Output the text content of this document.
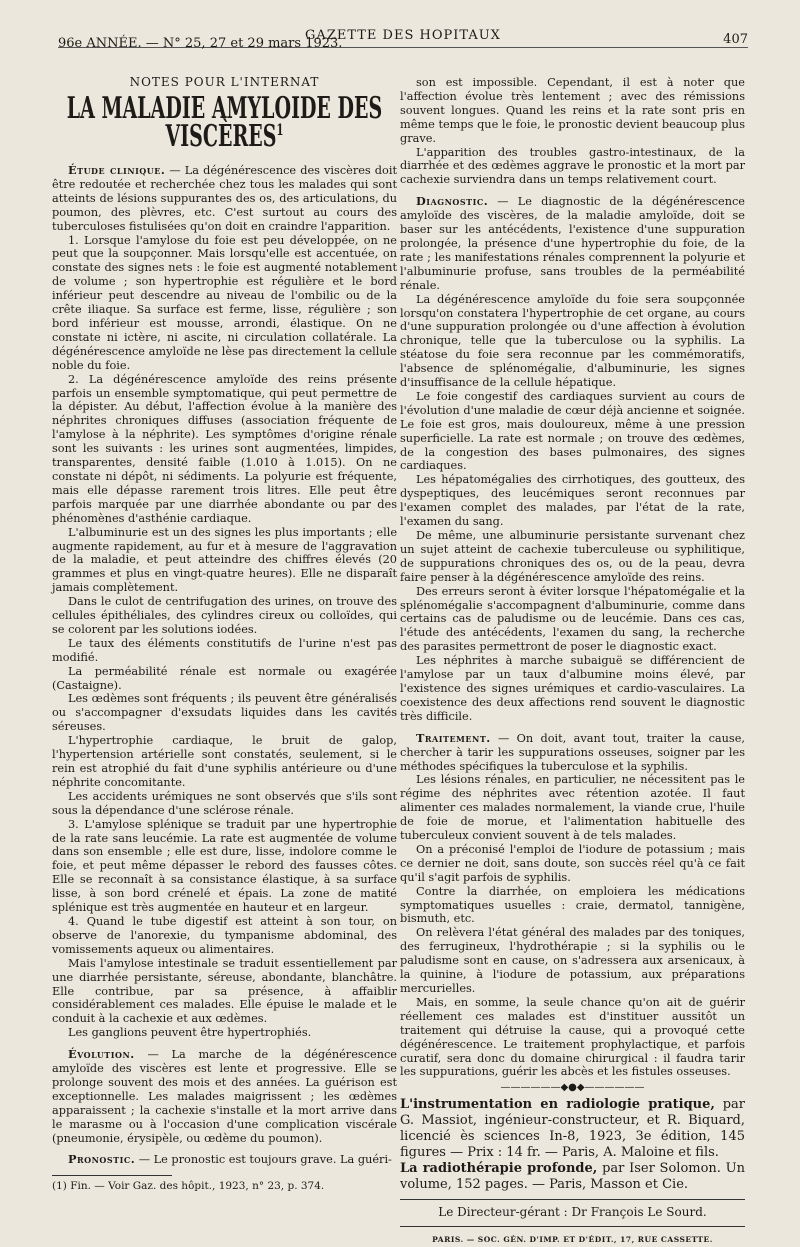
96e ANNÉE. — N° 25, 27 et 29 mars 1923.
GAZETTE DES HOPITAUX	407
NOTES POUR L'INTERNAT
LA MALADIE AMYLOIDE DES VISCÈRES$^1$

Étude clinique. — La dégénérescence des viscères doit être redoutée et recherchée chez tous les malades qui sont atteints de lésions suppurantes des os, des articulations, du poumon, des plèvres, etc. C'est surtout au cours des tuberculoses fistulisées qu'on doit en craindre l'apparition.

1. Lorsque l'amylose du foie est peu développée, on ne peut que la soupçonner. Mais lorsqu'elle est accentuée, on constate des signes nets : le foie est augmenté notablement de volume ; son hypertrophie est régulière et le bord inférieur peut descendre au niveau de l'ombilic ou de la crête iliaque. Sa surface est ferme, lisse, régulière ; son bord inférieur est mousse, arrondi, élastique. On ne constate ni ictère, ni ascite, ni circulation collatérale. La dégénérescence amyloïde ne lèse pas directement la cellule noble du foie.

2. La dégénérescence amyloïde des reins présente parfois un ensemble symptomatique, qui peut permettre de la dépister. Au début, l'affection évolue à la manière des néphrites chroniques diffuses (association fréquente de l'amylose à la néphrite). Les symptômes d'origine rénale sont les suivants : les urines sont augmentées, limpides, transparentes, densité faible (1.010 à 1.015). On ne constate ni dépôt, ni sédiments. La polyurie est fréquente, mais elle dépasse rarement trois litres. Elle peut être parfois marquée par une diarrhée abondante ou par des phénomènes d'asthénie cardiaque.

L'albuminurie est un des signes les plus importants ; elle augmente rapidement, au fur et à mesure de l'aggravation de la maladie, et peut atteindre des chiffres élevés (20 grammes et plus en vingt-quatre heures). Elle ne disparaît jamais complètement.

Dans le culot de centrifugation des urines, on trouve des cellules épithéliales, des cylindres cireux ou colloïdes, qui se colorent par les solutions iodées.

Le taux des éléments constitutifs de l'urine n'est pas modifié.

La perméabilité rénale est normale ou exagérée (Castaigne).

Les œdèmes sont fréquents ; ils peuvent être généralisés ou s'accompagner d'exsudats liquides dans les cavités séreuses.

L'hypertrophie cardiaque, le bruit de galop, l'hypertension artérielle sont constatés, seulement, si le rein est atrophié du fait d'une syphilis antérieure ou d'une néphrite concomitante.

Les accidents urémiques ne sont observés que s'ils sont sous la dépendance d'une sclérose rénale.

3. L'amylose splénique se traduit par une hypertrophie de la rate sans leucémie. La rate est augmentée de volume dans son ensemble ; elle est dure, lisse, indolore comme le foie, et peut même dépasser le rebord des fausses côtes. Elle se reconnaît à sa consistance élastique, à sa surface lisse, à son bord crénelé et épais. La zone de matité splénique est très augmentée en hauteur et en largeur.

4. Quand le tube digestif est atteint à son tour, on observe de l'anorexie, du tympanisme abdominal, des vomissements aqueux ou alimentaires.

Mais l'amylose intestinale se traduit essentiellement par une diarrhée persistante, séreuse, abondante, blanchâtre. Elle contribue, par sa présence, à affaiblir considérablement ces malades. Elle épuise le malade et le conduit à la cachexie et aux œdèmes.

Les ganglions peuvent être hypertrophiés.

Évolution. — La marche de la dégénérescence amyloïde des viscères est lente et progressive. Elle se prolonge souvent des mois et des années. La guérison est exceptionnelle. Les malades maigrissent ; les œdèmes apparaissent ; la cachexie s'installe et la mort arrive dans le marasme ou à l'occasion d'une complication viscérale (pneumonie, érysipèle, ou œdème du poumon).

Pronostic. — Le pronostic est toujours grave. La guéri-

(1) Fin. — Voir Gaz. des hôpit., 1923, n° 23, p. 374.

son est impossible. Cependant, il est à noter que l'affection évolue très lentement ; avec des rémissions souvent longues. Quand les reins et la rate sont pris en même temps que le foie, le pronostic devient beaucoup plus grave.

L'apparition des troubles gastro-intestinaux, de la diarrhée et des œdèmes aggrave le pronostic et la mort par cachexie surviendra dans un temps relativement court.

Diagnostic. — Le diagnostic de la dégénérescence amyloïde des viscères, de la maladie amyloïde, doit se baser sur les antécédents, l'existence d'une suppuration prolongée, la présence d'une hypertrophie du foie, de la rate ; les manifestations rénales comprennent la polyurie et l'albuminurie profuse, sans troubles de la perméabilité rénale.

La dégénérescence amyloïde du foie sera soupçonnée lorsqu'on constatera l'hypertrophie de cet organe, au cours d'une suppuration prolongée ou d'une affection à évolution chronique, telle que la tuberculose ou la syphilis. La stéatose du foie sera reconnue par les commémoratifs, l'absence de splénomégalie, d'albuminurie, les signes d'insuffisance de la cellule hépatique.

Le foie congestif des cardiaques survient au cours de l'évolution d'une maladie de cœur déjà ancienne et soignée. Le foie est gros, mais douloureux, même à une pression superficielle. La rate est normale ; on trouve des œdèmes, de la congestion des bases pulmonaires, des signes cardiaques.

Les hépatomégalies des cirrhotiques, des goutteux, des dyspeptiques, des leucémiques seront reconnues par l'examen complet des malades, par l'état de la rate, l'examen du sang.

De même, une albuminurie persistante survenant chez un sujet atteint de cachexie tuberculeuse ou syphilitique, de suppurations chroniques des os, ou de la peau, devra faire penser à la dégénérescence amyloïde des reins.

Des erreurs seront à éviter lorsque l'hépatomégalie et la splénomégalie s'accompagnent d'albuminurie, comme dans certains cas de paludisme ou de leucémie. Dans ces cas, l'étude des antécédents, l'examen du sang, la recherche des parasites permettront de poser le diagnostic exact.

Les néphrites à marche subaiguë se différencient de l'amylose par un taux d'albumine moins élevé, par l'existence des signes urémiques et cardio-vasculaires. La coexistence des deux affections rend souvent le diagnostic très difficile.

Traitement. — On doit, avant tout, traiter la cause, chercher à tarir les suppurations osseuses, soigner par les méthodes spécifiques la tuberculose et la syphilis.

Les lésions rénales, en particulier, ne nécessitent pas le régime des néphrites avec rétention azotée. Il faut alimenter ces malades normalement, la viande crue, l'huile de foie de morue, et l'alimentation habituelle des tuberculeux convient souvent à de tels malades.

On a préconisé l'emploi de l'iodure de potassium ; mais ce dernier ne doit, sans doute, son succès réel qu'à ce fait qu'il s'agit parfois de syphilis.

Contre la diarrhée, on emploiera les médications symptomatiques usuelles : craie, dermatol, tannigène, bismuth, etc.

On relèvera l'état général des malades par des toniques, des ferrugineux, l'hydrothérapie ; si la syphilis ou le paludisme sont en cause, on s'adressera aux arsenicaux, à la quinine, à l'iodure de potassium, aux préparations mercurielles.

Mais, en somme, la seule chance qu'on ait de guérir réellement ces malades est d'instituer aussitôt un traitement qui détruise la cause, qui a provoqué cette dégénérescence. Le traitement prophylactique, et parfois curatif, sera donc du domaine chirurgical : il faudra tarir les suppurations, guérir les abcès et les fistules osseuses.

——————◆●◆——————

L'instrumentation en radiologie pratique, par G. Massiot, ingénieur-constructeur, et R. Biquard, licencié ès sciences In-8, 1923, 3e édition, 145 figures — Prix : 14 fr. — Paris, A. Maloine et fils.

La radiothérapie profonde, par Iser Solomon. Un volume, 152 pages. — Paris, Masson et Cie.

Le Directeur-gérant : Dr François Le Sourd.
PARIS. — SOC. GÉN. D'IMP. ET D'ÉDIT., 17, RUE CASSETTE.
